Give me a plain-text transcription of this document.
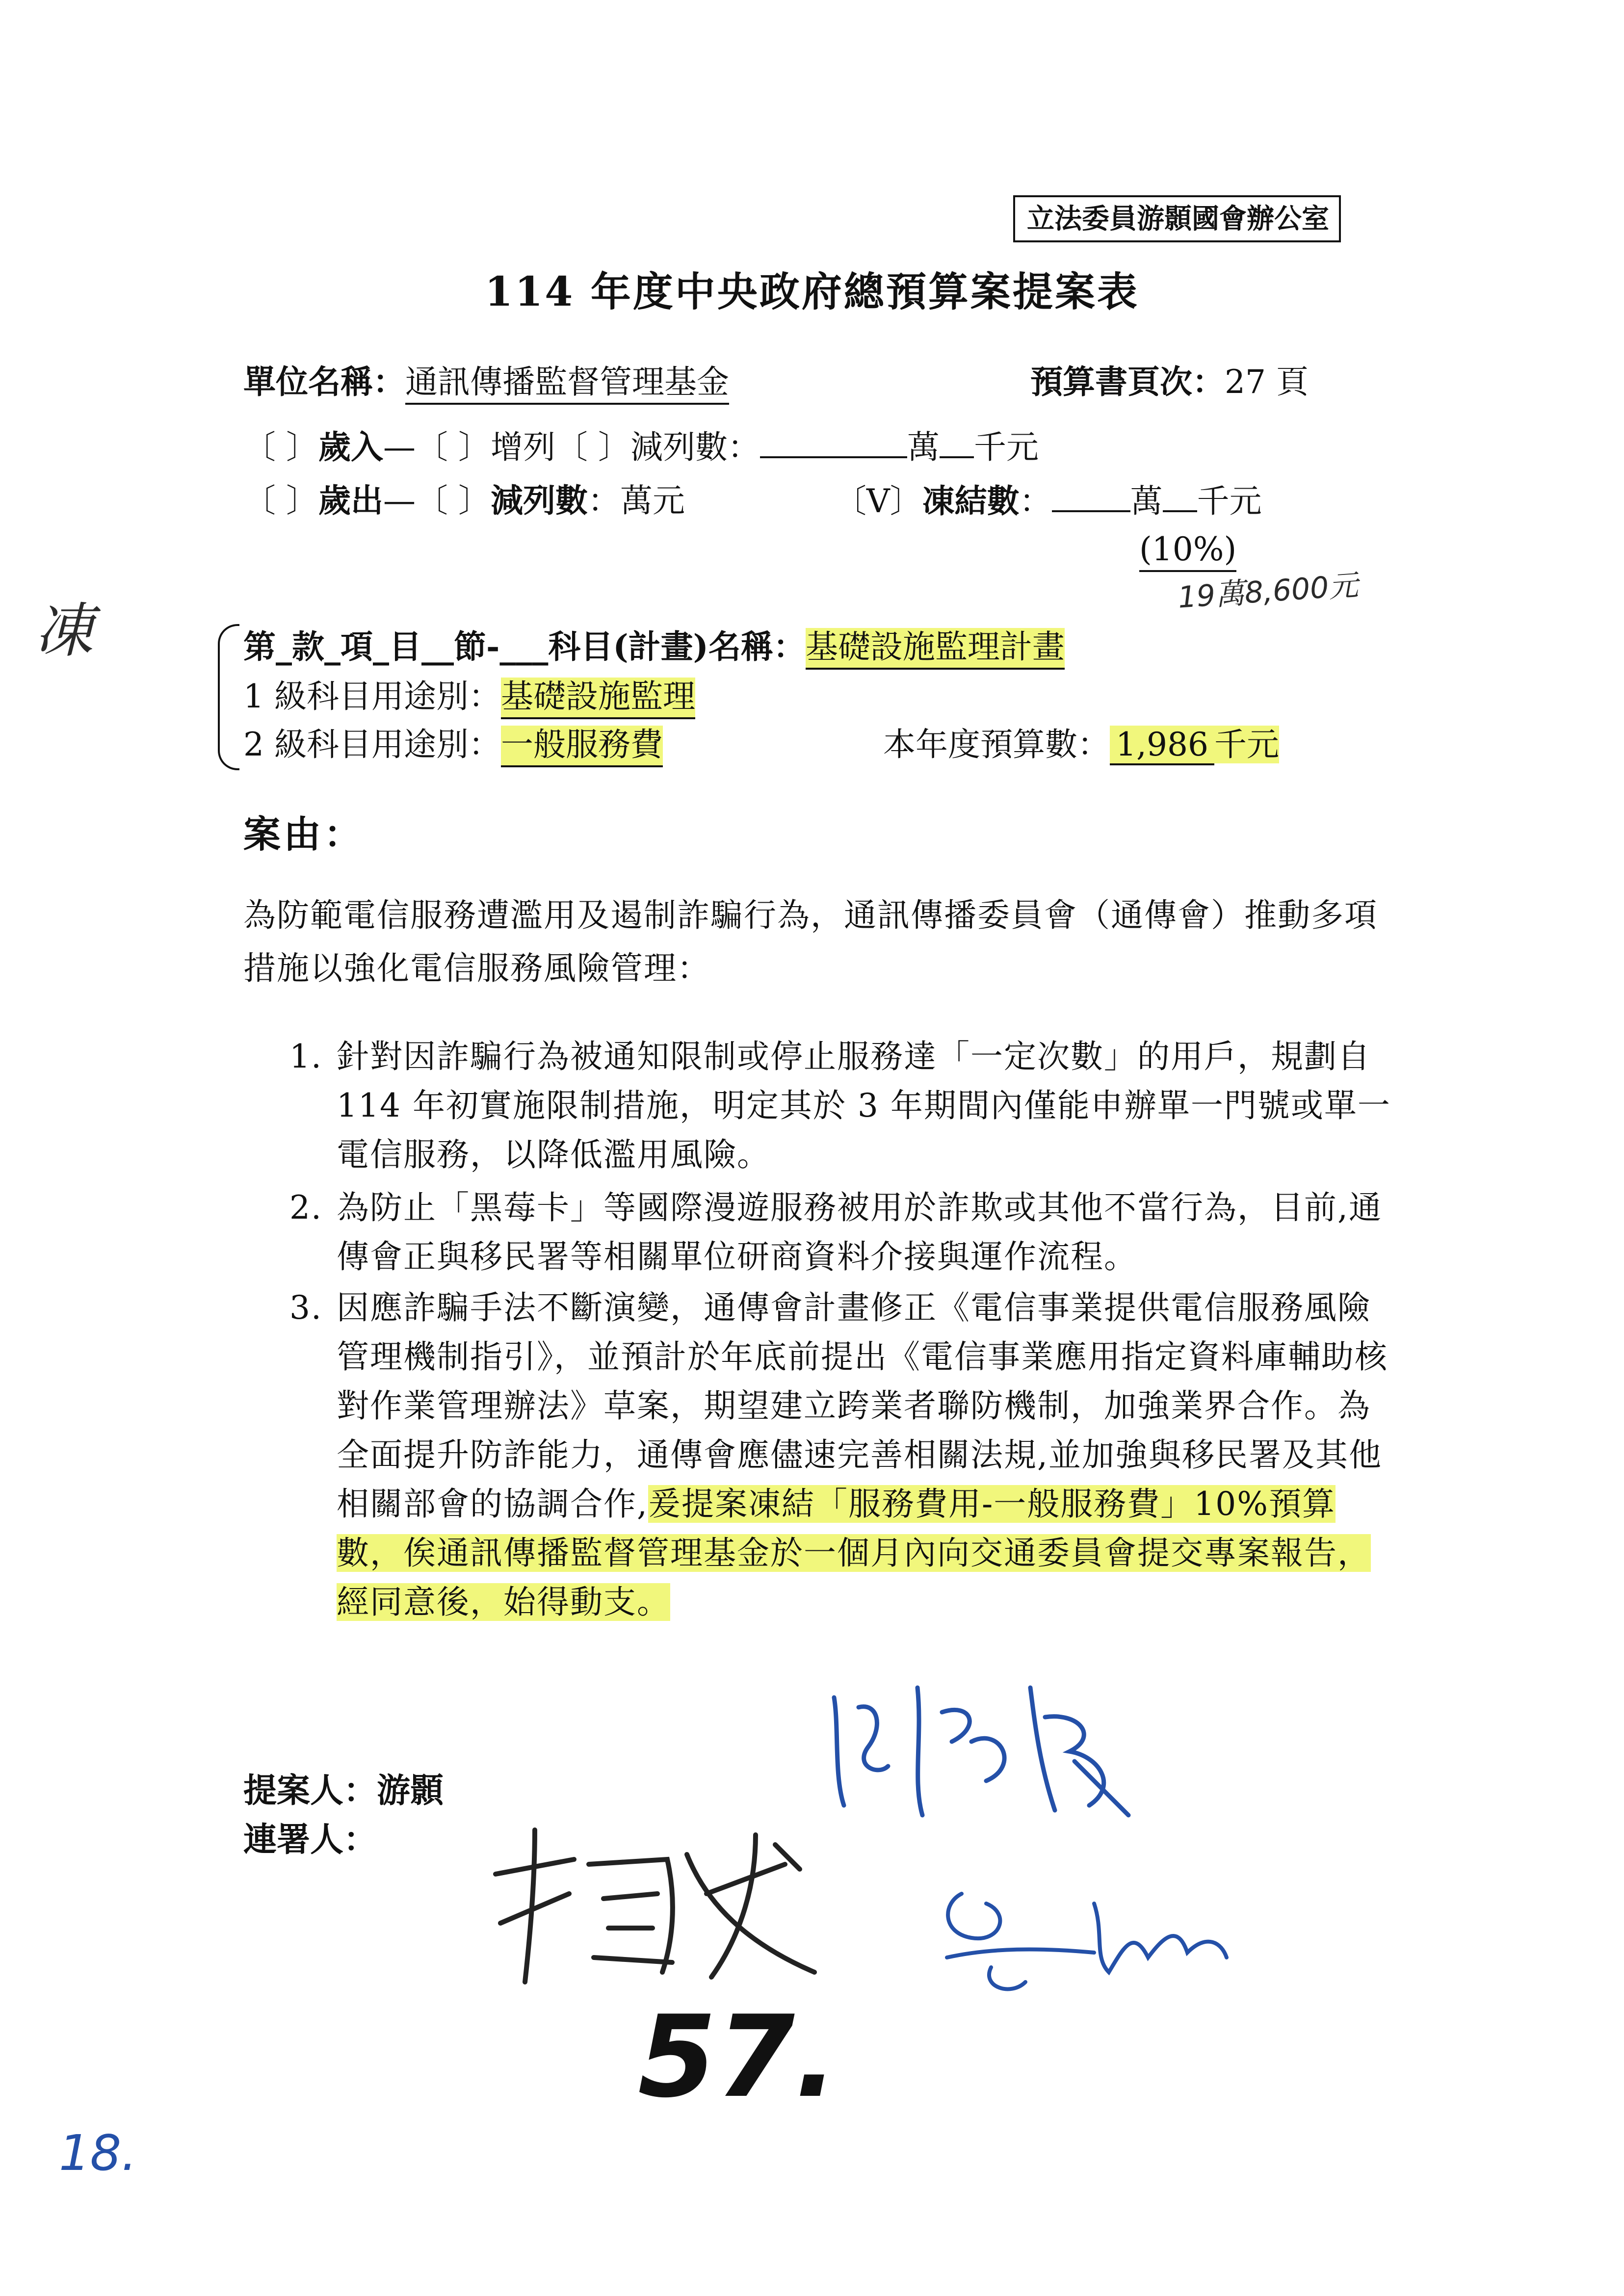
立法委員游顥國會辦公室
114 年度中央政府總預算案提案表
單位名稱：通訊傳播監督管理基金	預算書頁次：27 頁
〔 〕歲入—〔 〕增列〔 〕減列數：	萬 千元
〔 〕歲出—〔 〕減列數：萬元	〔V〕凍結數： 萬 千元
(10%)
19萬8,600元
凍	第_款_項_目__節-___科目(計畫)名稱：基礎設施監理計畫
1 級科目用途別：基礎設施監理
2 級科目用途別：一般服務費	本年度預算數： 1,986 千元
案由：
為防範電信服務遭濫用及遏制詐騙行為，通訊傳播委員會（通傳會）推動多項措施以強化電信服務風險管理：
1. 針對因詐騙行為被通知限制或停止服務達「一定次數」的用戶，規劃自 114 年初實施限制措施，明定其於 3 年期間內僅能申辦單一門號或單一電信服務，以降低濫用風險。
2. 為防止「黑莓卡」等國際漫遊服務被用於詐欺或其他不當行為，目前,通傳會正與移民署等相關單位研商資料介接與運作流程。
3. 因應詐騙手法不斷演變，通傳會計畫修正《電信事業提供電信服務風險管理機制指引》，並預計於年底前提出《電信事業應用指定資料庫輔助核對作業管理辦法》草案，期望建立跨業者聯防機制，加強業界合作。為全面提升防詐能力，通傳會應儘速完善相關法規,並加強與移民署及其他相關部會的協調合作,爰提案凍結「服務費用-一般服務費」10%預算數，俟通訊傳播監督管理基金於一個月內向交通委員會提交專案報告，經同意後，始得動支。
提案人：游顥
連署人：
57.
18.
